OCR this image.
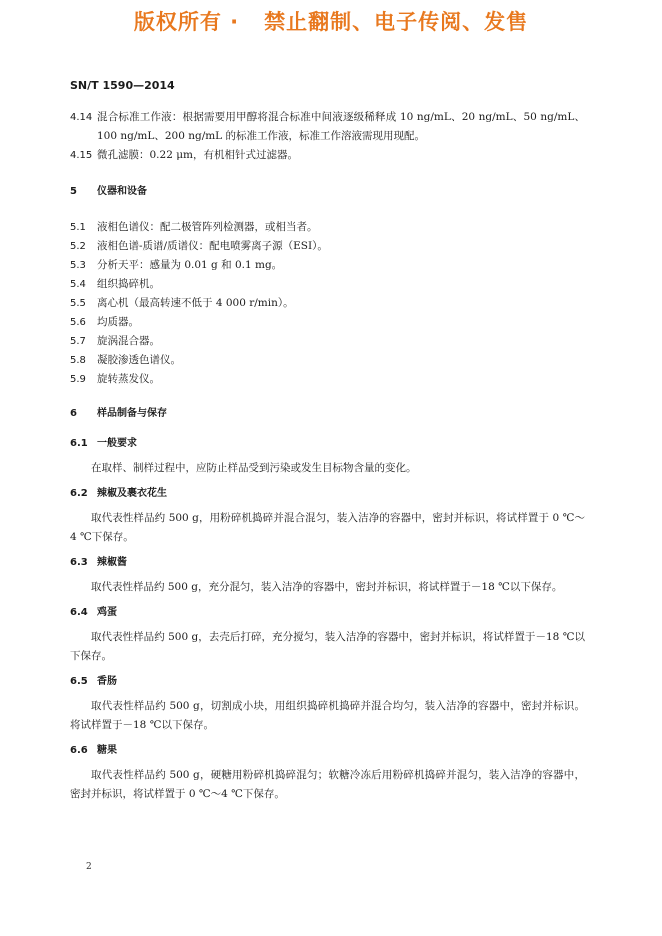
版权所有 ·   禁止翻制、电子传阅、发售
SN/T 1590—2014
4.14 混合标准工作液：根据需要用甲醇将混合标准中间液逐级稀释成 10 ng/mL、20 ng/mL、50 ng/mL、100 ng/mL、200 ng/mL 的标准工作液，标准工作溶液需现用现配。
4.15 微孔滤膜：0.22 μm，有机相针式过滤器。
5	仪器和设备
5.1	液相色谱仪：配二极管阵列检测器，或相当者。
5.2	液相色谱-质谱/质谱仪：配电喷雾离子源（ESI）。
5.3	分析天平：感量为 0.01 g 和 0.1 mg。
5.4	组织捣碎机。
5.5	离心机（最高转速不低于 4 000 r/min）。
5.6	均质器。
5.7	旋涡混合器。
5.8	凝胶渗透色谱仪。
5.9	旋转蒸发仪。
6	样品制备与保存
6.1 一般要求
在取样、制样过程中，应防止样品受到污染或发生目标物含量的变化。
6.2 辣椒及裹衣花生
取代表性样品约 500 g，用粉碎机捣碎并混合混匀，装入洁净的容器中，密封并标识，将试样置于 0 ℃～4 ℃下保存。
6.3 辣椒酱
取代表性样品约 500 g，充分混匀，装入洁净的容器中，密封并标识，将试样置于－18 ℃以下保存。
6.4 鸡蛋
取代表性样品约 500 g，去壳后打碎，充分搅匀，装入洁净的容器中，密封并标识，将试样置于－18 ℃以下保存。
6.5 香肠
取代表性样品约 500 g，切割成小块，用组织捣碎机捣碎并混合均匀，装入洁净的容器中，密封并标识。将试样置于－18 ℃以下保存。
6.6 糖果
取代表性样品约 500 g，硬糖用粉碎机捣碎混匀；软糖冷冻后用粉碎机捣碎并混匀，装入洁净的容器中，密封并标识，将试样置于 0 ℃～4 ℃下保存。
2
